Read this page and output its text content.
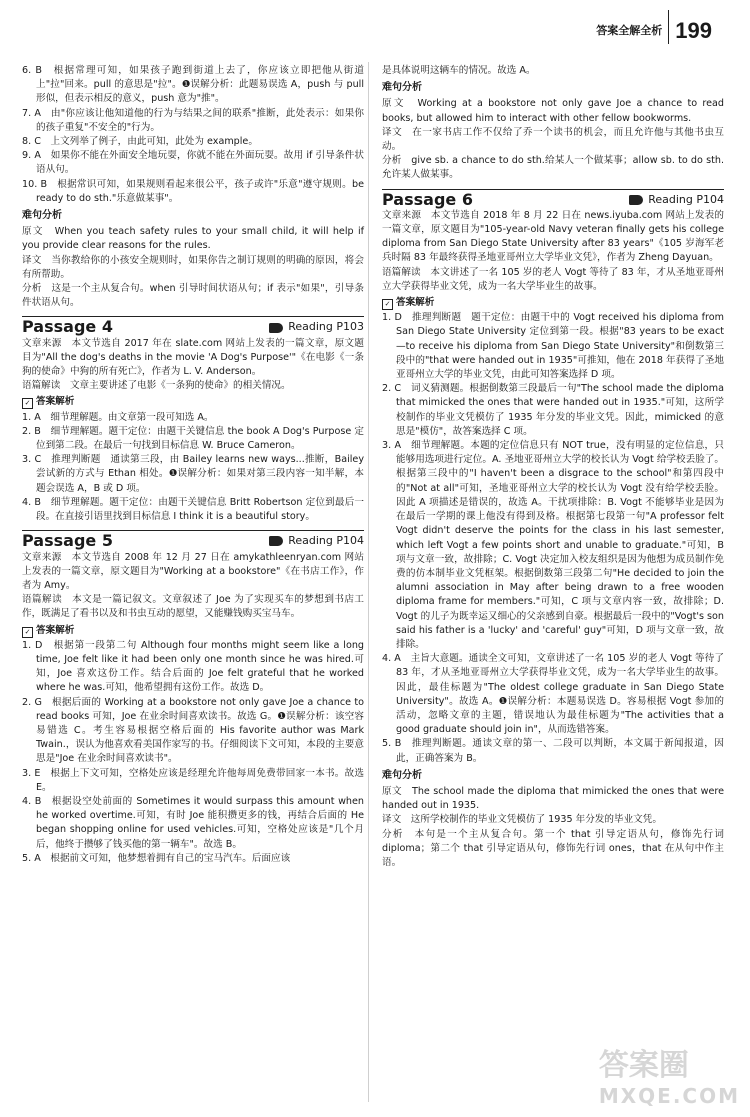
答案全解全析 199

6. B　根据常理可知，如果孩子跑到街道上去了，你应该立即把他从街道上"拉"回来。pull 的意思是"拉"。❶误解分析：此题易误选 A，push 与 pull 形似，但表示相反的意义，push 意为"推"。

7. A　由"你应该让他知道他的行为与结果之间的联系"推断，此处表示：如果你的孩子重复"不安全的"行为。

8. C　上文列举了例子，由此可知，此处为 example。

9. A　如果你不能在外面安全地玩耍，你就不能在外面玩耍。故用 if 引导条件状语从句。

10. B　根据常识可知，如果规则看起来很公平，孩子或许"乐意"遵守规则。be ready to do sth."乐意做某事"。

难句分析

原文　When you teach safety rules to your small child, it will help if you provide clear reasons for the rules.

译文　当你教给你的小孩安全规则时，如果你告之制订规则的明确的原因，将会有所帮助。

分析　这是一个主从复合句。when 引导时间状语从句；if 表示"如果"，引导条件状语从句。

Passage 4	Reading P103

文章来源　本文节选自 2017 年在 slate.com 网站上发表的一篇文章，原文题目为"All the dog's deaths in the movie 'A Dog's Purpose'"《在电影《一条狗的使命》中狗的所有死亡》，作者为 L. V. Anderson。

语篇解读　文章主要讲述了电影《一条狗的使命》的相关情况。

✓ 答案解析

1. A　细节理解题。由文章第一段可知选 A。

2. B　细节理解题。题干定位：由题干关键信息 the book A Dog's Purpose 定位到第二段。在最后一句找到目标信息 W. Bruce Cameron。

3. C　推理判断题　通读第三段，由 Bailey learns new ways...推断，Bailey 尝试新的方式与 Ethan 相处。❶误解分析：如果对第三段内容一知半解，本题会误选 A，B 或 D 项。

4. B　细节理解题。题干定位：由题干关键信息 Britt Robertson 定位到最后一段。在直接引语里找到目标信息 I think it is a beautiful story。

Passage 5	Reading P104

文章来源　本文节选自 2008 年 12 月 27 日在 amykathleenryan.com 网站上发表的一篇文章，原文题目为"Working at a bookstore"《在书店工作》，作者为 Amy。

语篇解读　本文是一篇记叙文。文章叙述了 Joe 为了实现买车的梦想到书店工作，既满足了看书以及和书虫互动的愿望，又能赚钱购买宝马车。

✓ 答案解析

1. D　根据第一段第二句 Although four months might seem like a long time, Joe felt like it had been only one month since he was hired.可知，Joe 喜欢这份工作。结合后面的 Joe felt grateful that he worked where he was.可知，他希望拥有这份工作。故选 D。

2. G　根据后面的 Working at a bookstore not only gave Joe a chance to read books 可知，Joe 在业余时间喜欢读书。故选 G。❶误解分析：该空容易错选 C。考生容易根据空格后面的 His favorite author was Mark Twain.，误认为他喜欢看美国作家写的书。仔细阅读下文可知，本段的主要意思是"Joe 在业余时间喜欢读书"。

3. E　根据上下文可知，空格处应该是经理允许他每周免费带回家一本书。故选 E。

4. B　根据设空处前面的 Sometimes it would surpass this amount when he worked overtime.可知，有时 Joe 能积攒更多的钱，再结合后面的 He began shopping online for used vehicles.可知，空格处应该是"几个月后，他终于攒够了钱买他的第一辆车"。故选 B。

5. A　根据前文可知，他梦想着拥有自己的宝马汽车。后面应该

是具体说明这辆车的情况。故选 A。

难句分析

原文　Working at a bookstore not only gave Joe a chance to read books, but allowed him to interact with other fellow bookworms.

译文　在一家书店工作不仅给了乔一个读书的机会，而且允许他与其他书虫互动。

分析　give sb. a chance to do sth.给某人一个做某事；allow sb. to do sth.允许某人做某事。

Passage 6	Reading P104

文章来源　本文节选自 2018 年 8 月 22 日在 news.iyuba.com 网站上发表的一篇文章，原文题目为"105-year-old Navy veteran finally gets his college diploma from San Diego State University after 83 years"《105 岁海军老兵时隔 83 年最终获得圣地亚哥州立大学毕业文凭》，作者为 Zheng Dayuan。

语篇解读　本文讲述了一名 105 岁的老人 Vogt 等待了 83 年，才从圣地亚哥州立大学获得毕业文凭，成为一名大学毕业生的故事。

✓ 答案解析

1. D　推理判断题　题干定位：由题干中的 Vogt received his diploma from San Diego State University 定位到第一段。根据"83 years to be exact—to receive his diploma from San Diego State University"和倒数第三段中的"that were handed out in 1935"可推知，他在 2018 年获得了圣地亚哥州立大学的毕业文凭，由此可知答案选择 D 项。

2. C　词义猜测题。根据倒数第三段最后一句"The school made the diploma that mimicked the ones that were handed out in 1935."可知，这所学校制作的毕业文凭模仿了 1935 年分发的毕业文凭。因此，mimicked 的意思是"模仿"，故答案选择 C 项。

3. A　细节理解题。本题的定位信息只有 NOT true，没有明显的定位信息，只能够用选项进行定位。A. 圣地亚哥州立大学的校长认为 Vogt 给学校丢脸了。根据第三段中的"I haven't been a disgrace to the school"和第四段中的"Not at all"可知，圣地亚哥州立大学的校长认为 Vogt 没有给学校丢脸。因此 A 项描述是错误的，故选 A。干扰项排除：B. Vogt 不能够毕业是因为在最后一学期的课上他没有得到及格。根据第七段第一句"A professor felt Vogt didn't deserve the points for the class in his last semester, which left Vogt a few points short and unable to graduate."可知，B 项与文章一致，故排除；C. Vogt 决定加入校友组织是因为他想为成员制作免费的仿本制毕业文凭框架。根据倒数第三段第二句"He decided to join the alumni association in May after being drawn to a free wooden diploma frame for members."可知，C 项与文章内容一致，故排除；D. Vogt 的儿子为既幸运又细心的父亲感到自豪。根据最后一段中的"Vogt's son said his father is a 'lucky' and 'careful' guy"可知，D 项与文章一致，故排除。

4. A　主旨大意题。通读全文可知，文章讲述了一名 105 岁的老人 Vogt 等待了 83 年，才从圣地亚哥州立大学获得毕业文凭，成为一名大学毕业生的故事。因此，最佳标题为"The oldest college graduate in San Diego State University"。故选 A。❶误解分析：本题易误选 D。容易根据 Vogt 参加的活动，忽略文章的主题，错误地认为最佳标题为"The activities that a good graduate should join in"，从而选错答案。

5. B　推理判断题。通读文章的第一、二段可以判断，本文属于新闻报道，因此，正确答案为 B。

难句分析

原文　The school made the diploma that mimicked the ones that were handed out in 1935.

译文　这所学校制作的毕业文凭模仿了 1935 年分发的毕业文凭。

分析　本句是一个主从复合句。第一个 that 引导定语从句，修饰先行词 diploma；第二个 that 引导定语从句，修饰先行词 ones，that 在从句中作主语。

答案圈
MXQE.COM
